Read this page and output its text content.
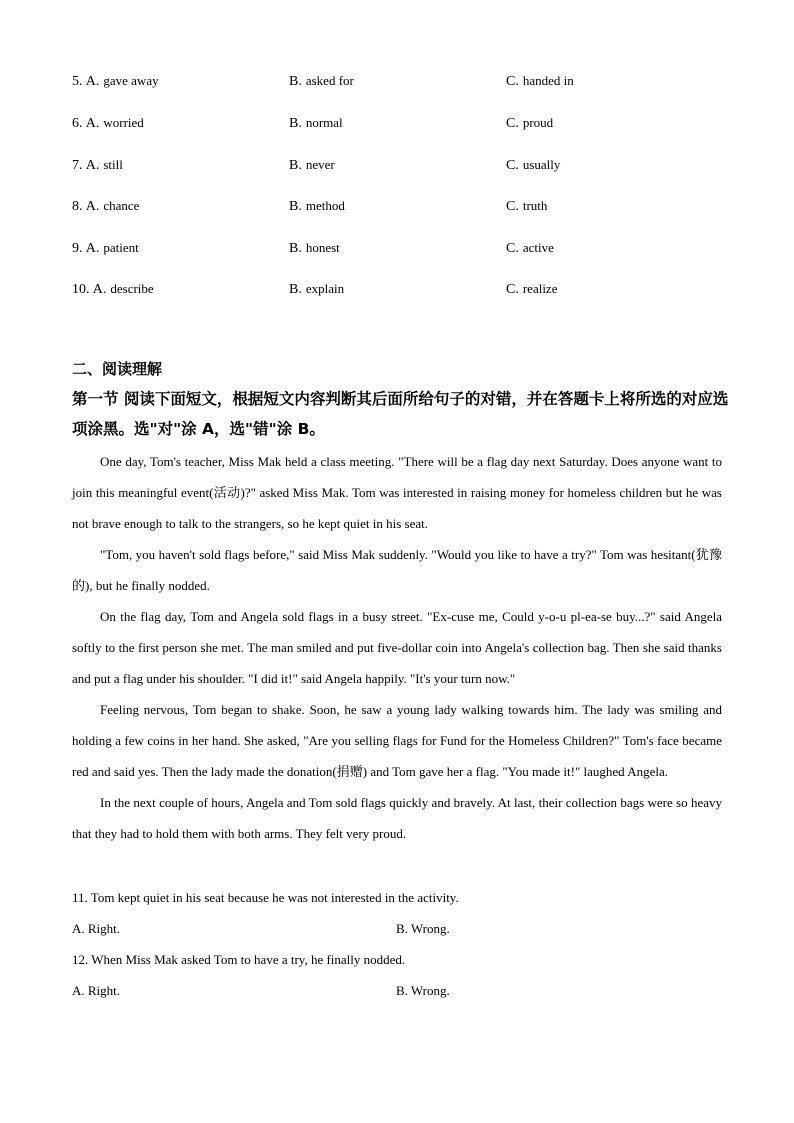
5. A. gave away	B. asked for	C. handed in
6. A. worried	B. normal	C. proud
7. A. still	B. never	C. usually
8. A. chance	B. method	C. truth
9. A. patient	B. honest	C. active
10. A. describe	B. explain	C. realize
二、阅读理解
第一节 阅读下面短文，根据短文内容判断其后面所给句子的对错，并在答题卡上将所选的对应选项涂黑。选"对"涂 A，选"错"涂 B。

One day, Tom's teacher, Miss Mak held a class meeting. "There will be a flag day next Saturday. Does anyone want to join this meaningful event(活动)?" asked Miss Mak. Tom was interested in raising money for homeless children but he was not brave enough to talk to the strangers, so he kept quiet in his seat.

"Tom, you haven't sold flags before," said Miss Mak suddenly. "Would you like to have a try?" Tom was hesitant(犹豫的), but he finally nodded.

On the flag day, Tom and Angela sold flags in a busy street. "Ex-cuse me, Could y-o-u pl-ea-se buy...?" said Angela softly to the first person she met. The man smiled and put five-dollar coin into Angela's collection bag. Then she said thanks and put a flag under his shoulder. "I did it!" said Angela happily. "It's your turn now."

Feeling nervous, Tom began to shake. Soon, he saw a young lady walking towards him. The lady was smiling and holding a few coins in her hand. She asked, "Are you selling flags for Fund for the Homeless Children?" Tom's face became red and said yes. Then the lady made the donation(捐赠) and Tom gave her a flag. "You made it!" laughed Angela.

In the next couple of hours, Angela and Tom sold flags quickly and bravely. At last, their collection bags were so heavy that they had to hold them with both arms. They felt very proud.

11. Tom kept quiet in his seat because he was not interested in the activity.
A. Right.	B. Wrong.
12. When Miss Mak asked Tom to have a try, he finally nodded.
A. Right.	B. Wrong.
